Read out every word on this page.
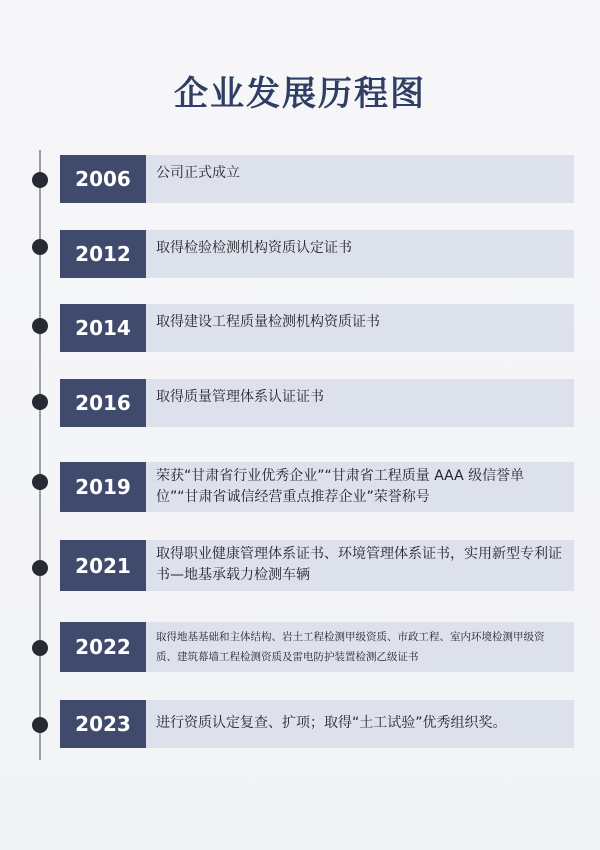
企业发展历程图
2006	公司正式成立
2012	取得检验检测机构资质认定证书
2014	取得建设工程质量检测机构资质证书
2016	取得质量管理体系认证证书
2019	荣获“甘肃省行业优秀企业”“甘肃省工程质量 AAA 级信誉单位”“甘肃省诚信经营重点推荐企业”荣誉称号
2021	取得职业健康管理体系证书、环境管理体系证书，实用新型专利证书—地基承载力检测车辆
2022	取得地基基础和主体结构、岩土工程检测甲级资质、市政工程、室内环境检测甲级资质、建筑幕墙工程检测资质及雷电防护装置检测乙级证书
2023	进行资质认定复查、扩项；取得“土工试验”优秀组织奖。
